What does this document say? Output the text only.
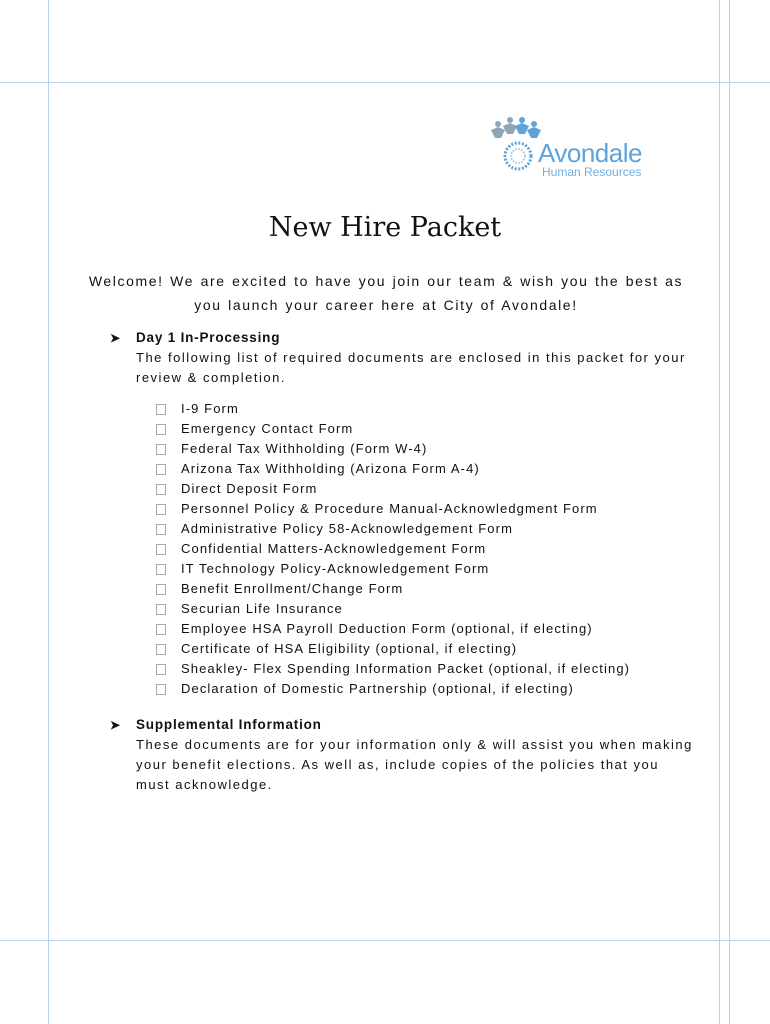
Avondale
Human Resources
New Hire Packet
Welcome! We are excited to have you join our team & wish you the best as you launch your career here at City of Avondale!
➤ Day 1 In-Processing
The following list of required documents are enclosed in this packet for your review & completion.
I-9 Form
Emergency Contact Form
Federal Tax Withholding (Form W-4)
Arizona Tax Withholding (Arizona Form A-4)
Direct Deposit Form
Personnel Policy & Procedure Manual-Acknowledgment Form
Administrative Policy 58-Acknowledgement Form
Confidential Matters-Acknowledgement Form
IT Technology Policy-Acknowledgement Form
Benefit Enrollment/Change Form
Securian Life Insurance
Employee HSA Payroll Deduction Form (optional, if electing)
Certificate of HSA Eligibility (optional, if electing)
Sheakley- Flex Spending Information Packet (optional, if electing)
Declaration of Domestic Partnership (optional, if electing)
➤ Supplemental Information
These documents are for your information only & will assist you when making your benefit elections. As well as, include copies of the policies that you must acknowledge.
